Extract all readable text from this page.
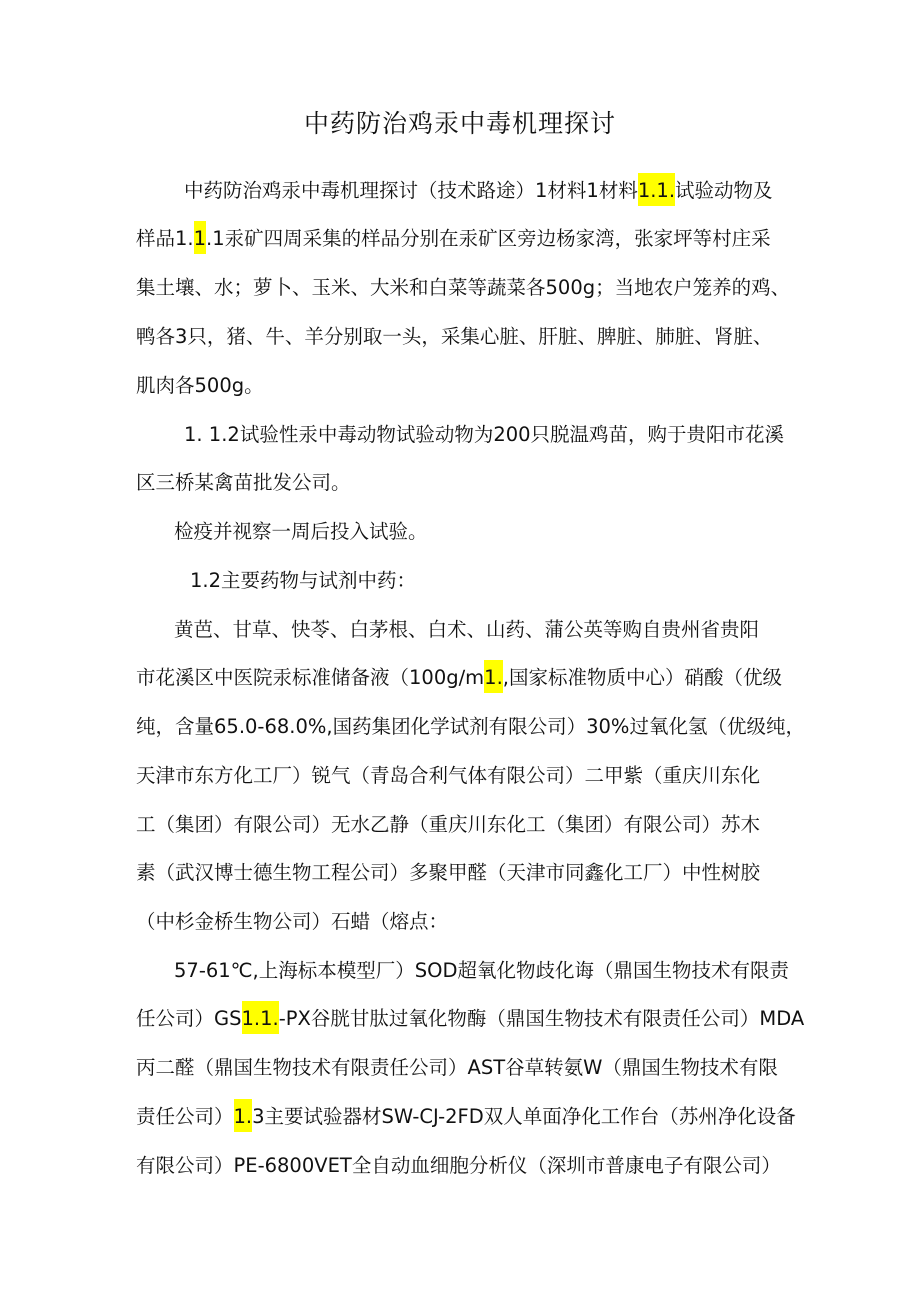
中药防治鸡汞中毒机理探讨
中药防治鸡汞中毒机理探讨（技术路途）1材料1材料1.1.试验动物及
样品1.1.1汞矿四周采集的样品分别在汞矿区旁边杨家湾，张家坪等村庄采
集土壤、水；萝卜、玉米、大米和白菜等蔬菜各500g；当地农户笼养的鸡、
鸭各3只，猪、牛、羊分别取一头，采集心脏、肝脏、脾脏、肺脏、肾脏、
肌肉各500g。
1. 1.2试验性汞中毒动物试验动物为200只脱温鸡苗，购于贵阳市花溪
区三桥某禽苗批发公司。
检疫并视察一周后投入试验。
1.2主要药物与试剂中药：
黄芭、甘草、快苓、白茅根、白术、山药、蒲公英等购自贵州省贵阳
市花溪区中医院汞标准储备液（100g∕m1.,国家标准物质中心）硝酸（优级
纯，含量65.0-68.0%,国药集团化学试剂有限公司）30%过氧化氢（优级纯，
天津市东方化工厂）锐气（青岛合利气体有限公司）二甲紫（重庆川东化
工（集团）有限公司）无水乙静（重庆川东化工（集团）有限公司）苏木
素（武汉博士德生物工程公司）多聚甲醛（天津市同鑫化工厂）中性树胶
（中杉金桥生物公司）石蜡（熔点：
57-61℃,上海标本模型厂）SOD超氧化物歧化诲（鼎国生物技术有限责
任公司）GS1.1.-PX谷胱甘肽过氧化物酶（鼎国生物技术有限责任公司）MDA
丙二醛（鼎国生物技术有限责任公司）AST谷草转氨W（鼎国生物技术有限
责任公司）1.3主要试验器材SW-CJ-2FD双人单面净化工作台（苏州净化设备
有限公司）PE-6800VET全自动血细胞分析仪（深圳市普康电子有限公司）
